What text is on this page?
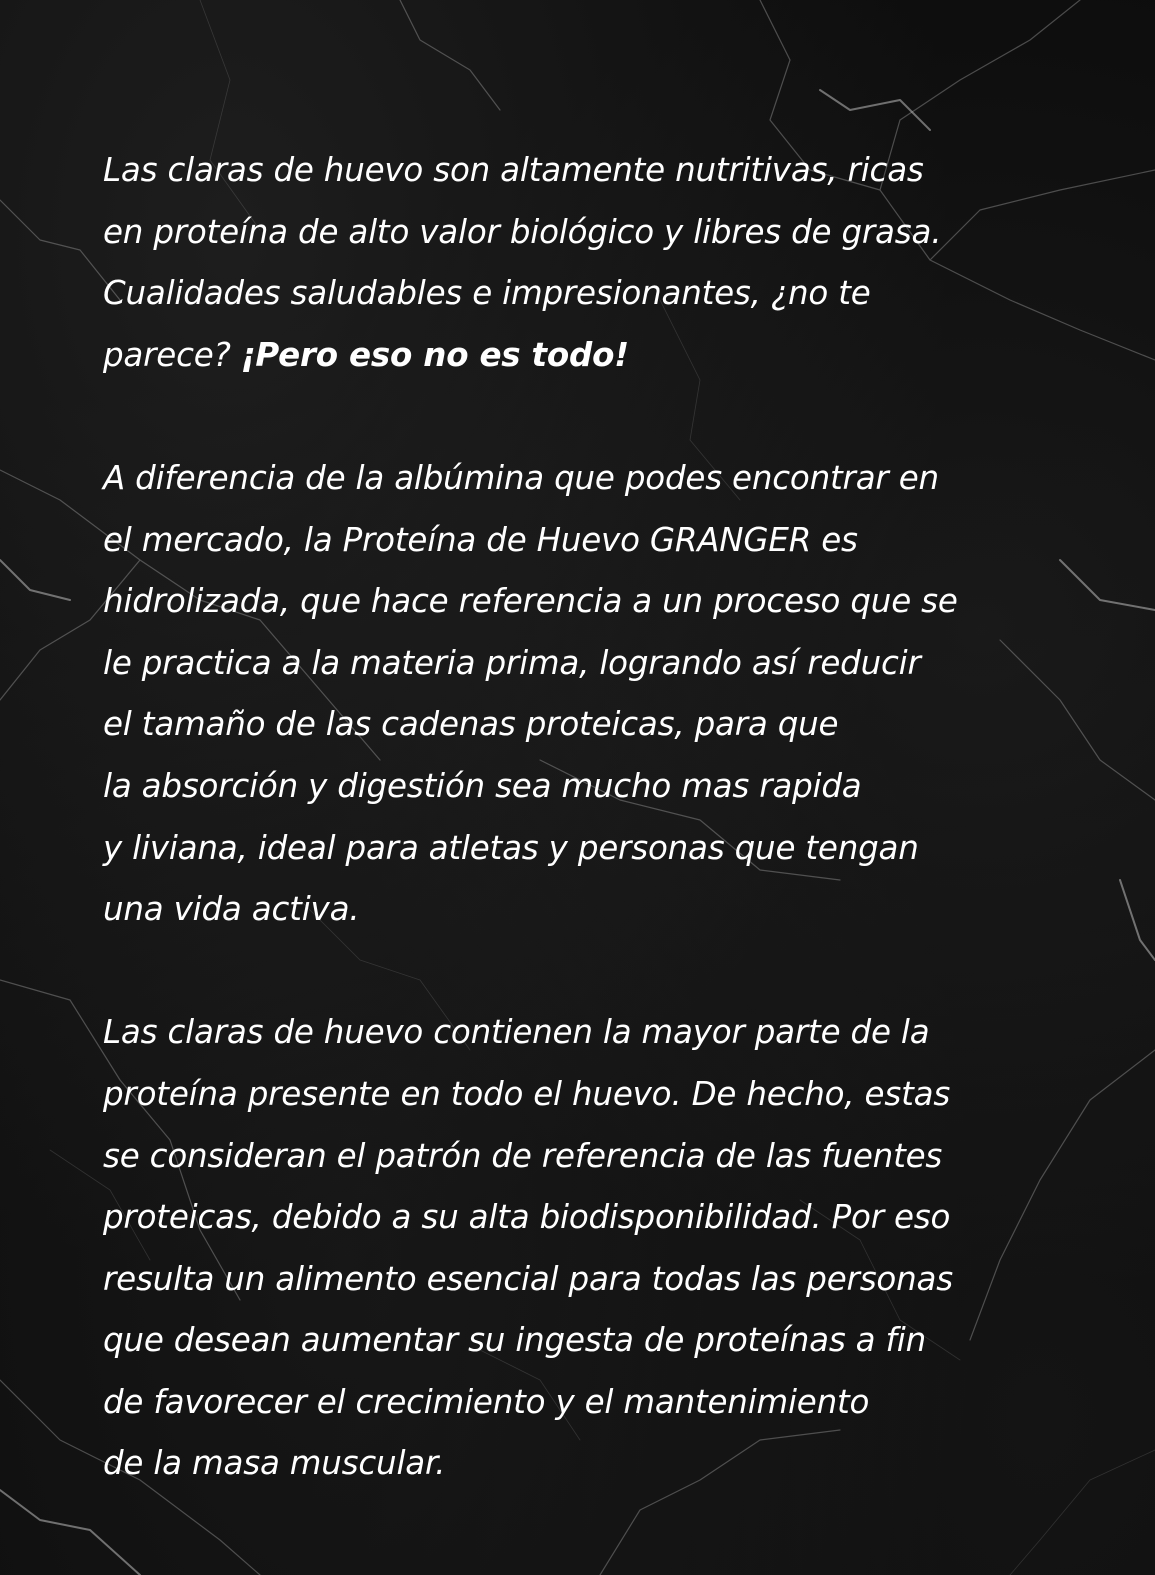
Las claras de huevo son altamente nutritivas, ricas
en proteína de alto valor biológico y libres de grasa.
Cualidades saludables e impresionantes, ¿no te
parece? ¡Pero eso no es todo!

A diferencia de la albúmina que podes encontrar en
el mercado, la Proteína de Huevo GRANGER es
hidrolizada, que hace referencia a un proceso que se
le practica a la materia prima, logrando así reducir
el tamaño de las cadenas proteicas, para que
la absorción y digestión sea mucho mas rapida
y liviana, ideal para atletas y personas que tengan
una vida activa.

Las claras de huevo contienen la mayor parte de la
proteína presente en todo el huevo. De hecho, estas
se consideran el patrón de referencia de las fuentes
proteicas, debido a su alta biodisponibilidad. Por eso
resulta un alimento esencial para todas las personas
que desean aumentar su ingesta de proteínas a fin
de favorecer el crecimiento y el mantenimiento
de la masa muscular.
